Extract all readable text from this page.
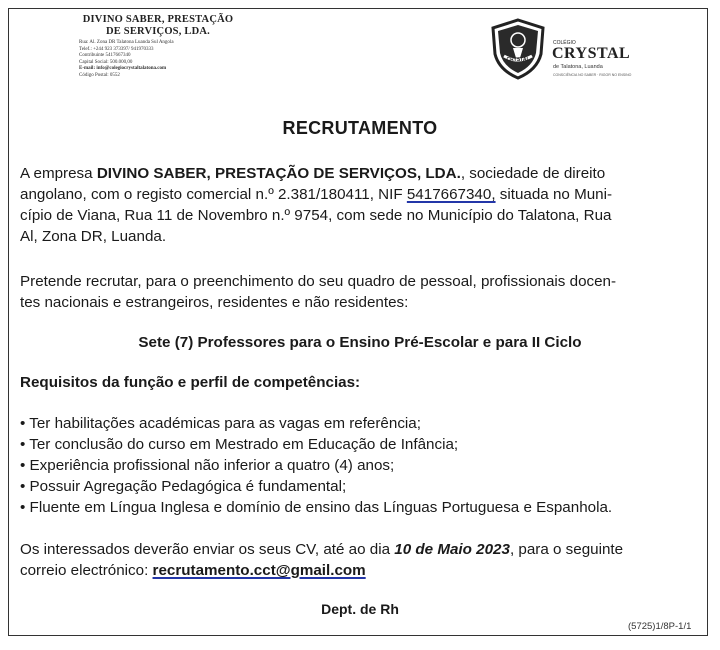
DIVINO SABER, PRESTAÇÃO
DE SERVIÇOS, LDA.
Rua: Al. Zona DR Talatona Luanda Sul Angola
Telef.: +244 923 373397/ 941970333
Contribuinte 5417667340
Capital Social: 500.000,00
E-mail: info@colegiocrystaltalatona.com
Código Postal: 0552
CRYSTAL
COLÉGIO
CRYSTAL
de Talatona, Luanda
CONSCIÊNCIA NO SABER · RIGOR NO ENSINO
RECRUTAMENTO
A empresa DIVINO SABER, PRESTAÇÃO DE SERVIÇOS, LDA., sociedade de direito
angolano, com o registo comercial n.º 2.381/180411, NIF 5417667340, situada no Muni-
cípio de Viana, Rua 11 de Novembro n.º 9754, com sede no Município do Talatona, Rua
Al, Zona DR, Luanda.
Pretende recrutar, para o preenchimento do seu quadro de pessoal, profissionais docen-
tes nacionais e estrangeiros, residentes e não residentes:
Sete (7) Professores para o Ensino Pré-Escolar e para II Ciclo
Requisitos da função e perfil de competências:
• Ter habilitações académicas para as vagas em referência;
• Ter conclusão do curso em Mestrado em Educação de Infância;
• Experiência profissional não inferior a quatro (4) anos;
• Possuir Agregação Pedagógica é fundamental;
• Fluente em Língua Inglesa e domínio de ensino das Línguas Portuguesa e Espanhola.
Os interessados deverão enviar os seus CV, até ao dia 10 de Maio 2023, para o seguinte
correio electrónico: recrutamento.cct@gmail.com
Dept. de Rh
(5725)1/8P-1/1
